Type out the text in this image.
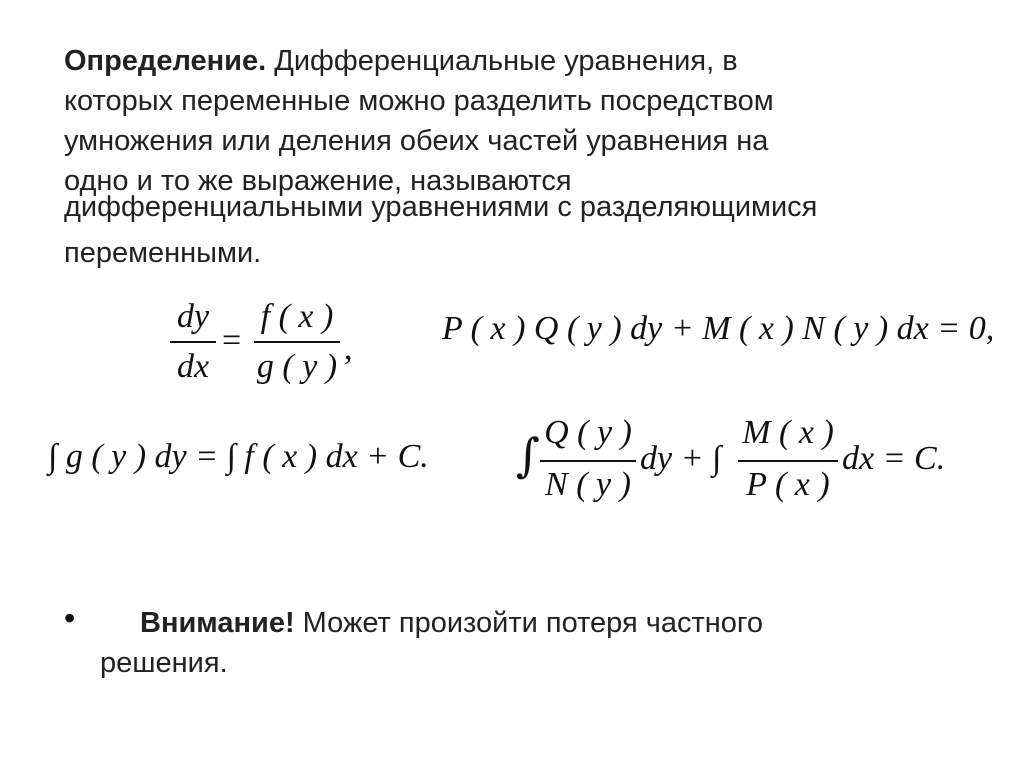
Определение. Дифференциальные уравнения, в
которых переменные можно разделить посредством
умножения или деления обеих частей уравнения на
одно и то же выражение, называются
дифференциальными уравнениями с разделяющимися
переменными.
dy
dx
=
f ( x )
g ( y ) ,
P ( x ) Q ( y ) dy + M ( x ) N ( y ) dx = 0,
∫ g ( y ) dy = ∫ f ( x ) dx + C. ∫ Q ( y )
N ( y )
dy + ∫
M ( x )
P ( x )
dx = C.
• Внимание! Может произойти потеря частного
решения.
